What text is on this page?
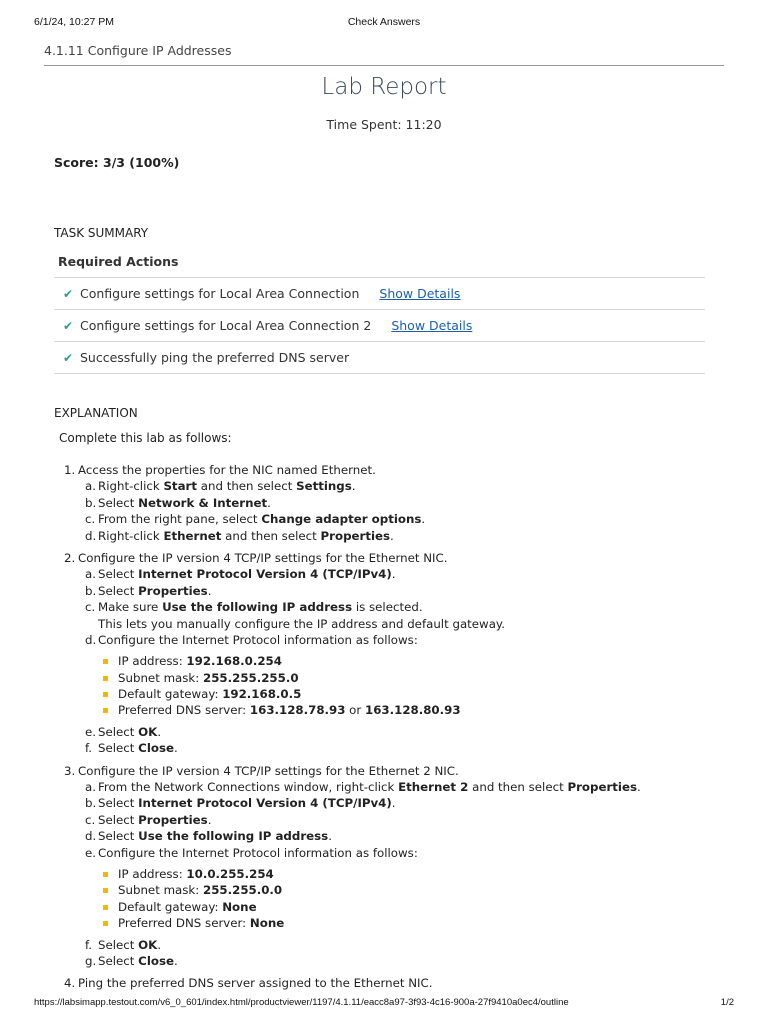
6/1/24, 10:27 PM	Check Answers
4.1.11 Configure IP Addresses
Lab Report
Time Spent: 11:20
Score: 3/3 (100%)
TASK SUMMARY
Required Actions
✔ Configure settings for Local Area Connection Show Details
✔ Configure settings for Local Area Connection 2 Show Details
✔ Successfully ping the preferred DNS server
EXPLANATION
Complete this lab as follows:
1. Access the properties for the NIC named Ethernet.
a. Right-click Start and then select Settings.
b. Select Network & Internet.
c. From the right pane, select Change adapter options.
d. Right-click Ethernet and then select Properties.
2. Configure the IP version 4 TCP/IP settings for the Ethernet NIC.
a. Select Internet Protocol Version 4 (TCP/IPv4).
b. Select Properties.
c. Make sure Use the following IP address is selected.
This lets you manually configure the IP address and default gateway.
d. Configure the Internet Protocol information as follows:
IP address: 192.168.0.254
Subnet mask: 255.255.255.0
Default gateway: 192.168.0.5
Preferred DNS server: 163.128.78.93 or 163.128.80.93
e. Select OK.
f. Select Close.
3. Configure the IP version 4 TCP/IP settings for the Ethernet 2 NIC.
a. From the Network Connections window, right-click Ethernet 2 and then select Properties.
b. Select Internet Protocol Version 4 (TCP/IPv4).
c. Select Properties.
d. Select Use the following IP address.
e. Configure the Internet Protocol information as follows:
IP address: 10.0.255.254
Subnet mask: 255.255.0.0
Default gateway: None
Preferred DNS server: None
f. Select OK.
g. Select Close.
4. Ping the preferred DNS server assigned to the Ethernet NIC.
https://labsimapp.testout.com/v6_0_601/index.html/productviewer/1197/4.1.11/eacc8a97-3f93-4c16-900a-27f9410a0ec4/outline	1/2
